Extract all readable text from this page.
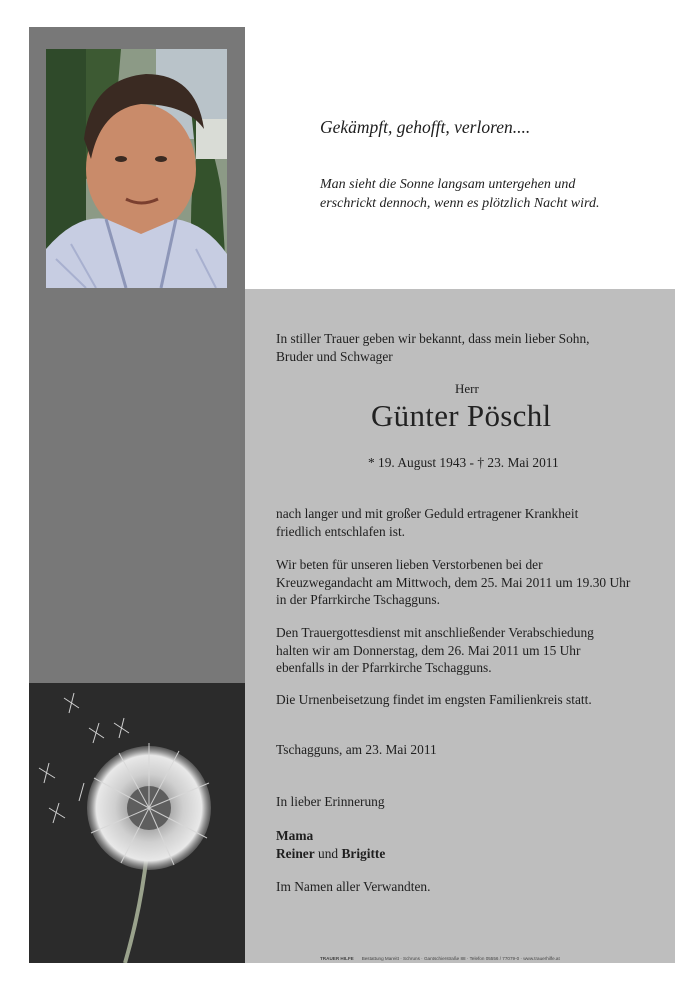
Gekämpft, gehofft, verloren....
Man sieht die Sonne langsam untergehen und
erschrickt dennoch, wenn es plötzlich Nacht wird.
In stiller Trauer geben wir bekannt, dass mein lieber Sohn,
Bruder und Schwager
Herr
Günter Pöschl
* 19. August 1943 - † 23. Mai 2011
nach langer und mit großer Geduld ertragener Krankheit
friedlich entschlafen ist.
Wir beten für unseren lieben Verstorbenen bei der
Kreuzwegandacht am Mittwoch, dem 25. Mai 2011 um 19.30 Uhr
in der Pfarrkirche Tschagguns.
Den Trauergottesdienst mit anschließender Verabschiedung
halten wir am Donnerstag, dem 26. Mai 2011 um 15 Uhr
ebenfalls in der Pfarrkirche Tschagguns.
Die Urnenbeisetzung findet im engsten Familienkreis statt.
Tschagguns, am 23. Mai 2011
In lieber Erinnerung
Mama
Reiner und Brigitte
Im Namen aller Verwandten.
TRAUER HILFE Bestattung Mareitt · Schruns · Gantschierstraße 88 · Telefon 05556 / 77079-0 · www.trauerhilfe.at
